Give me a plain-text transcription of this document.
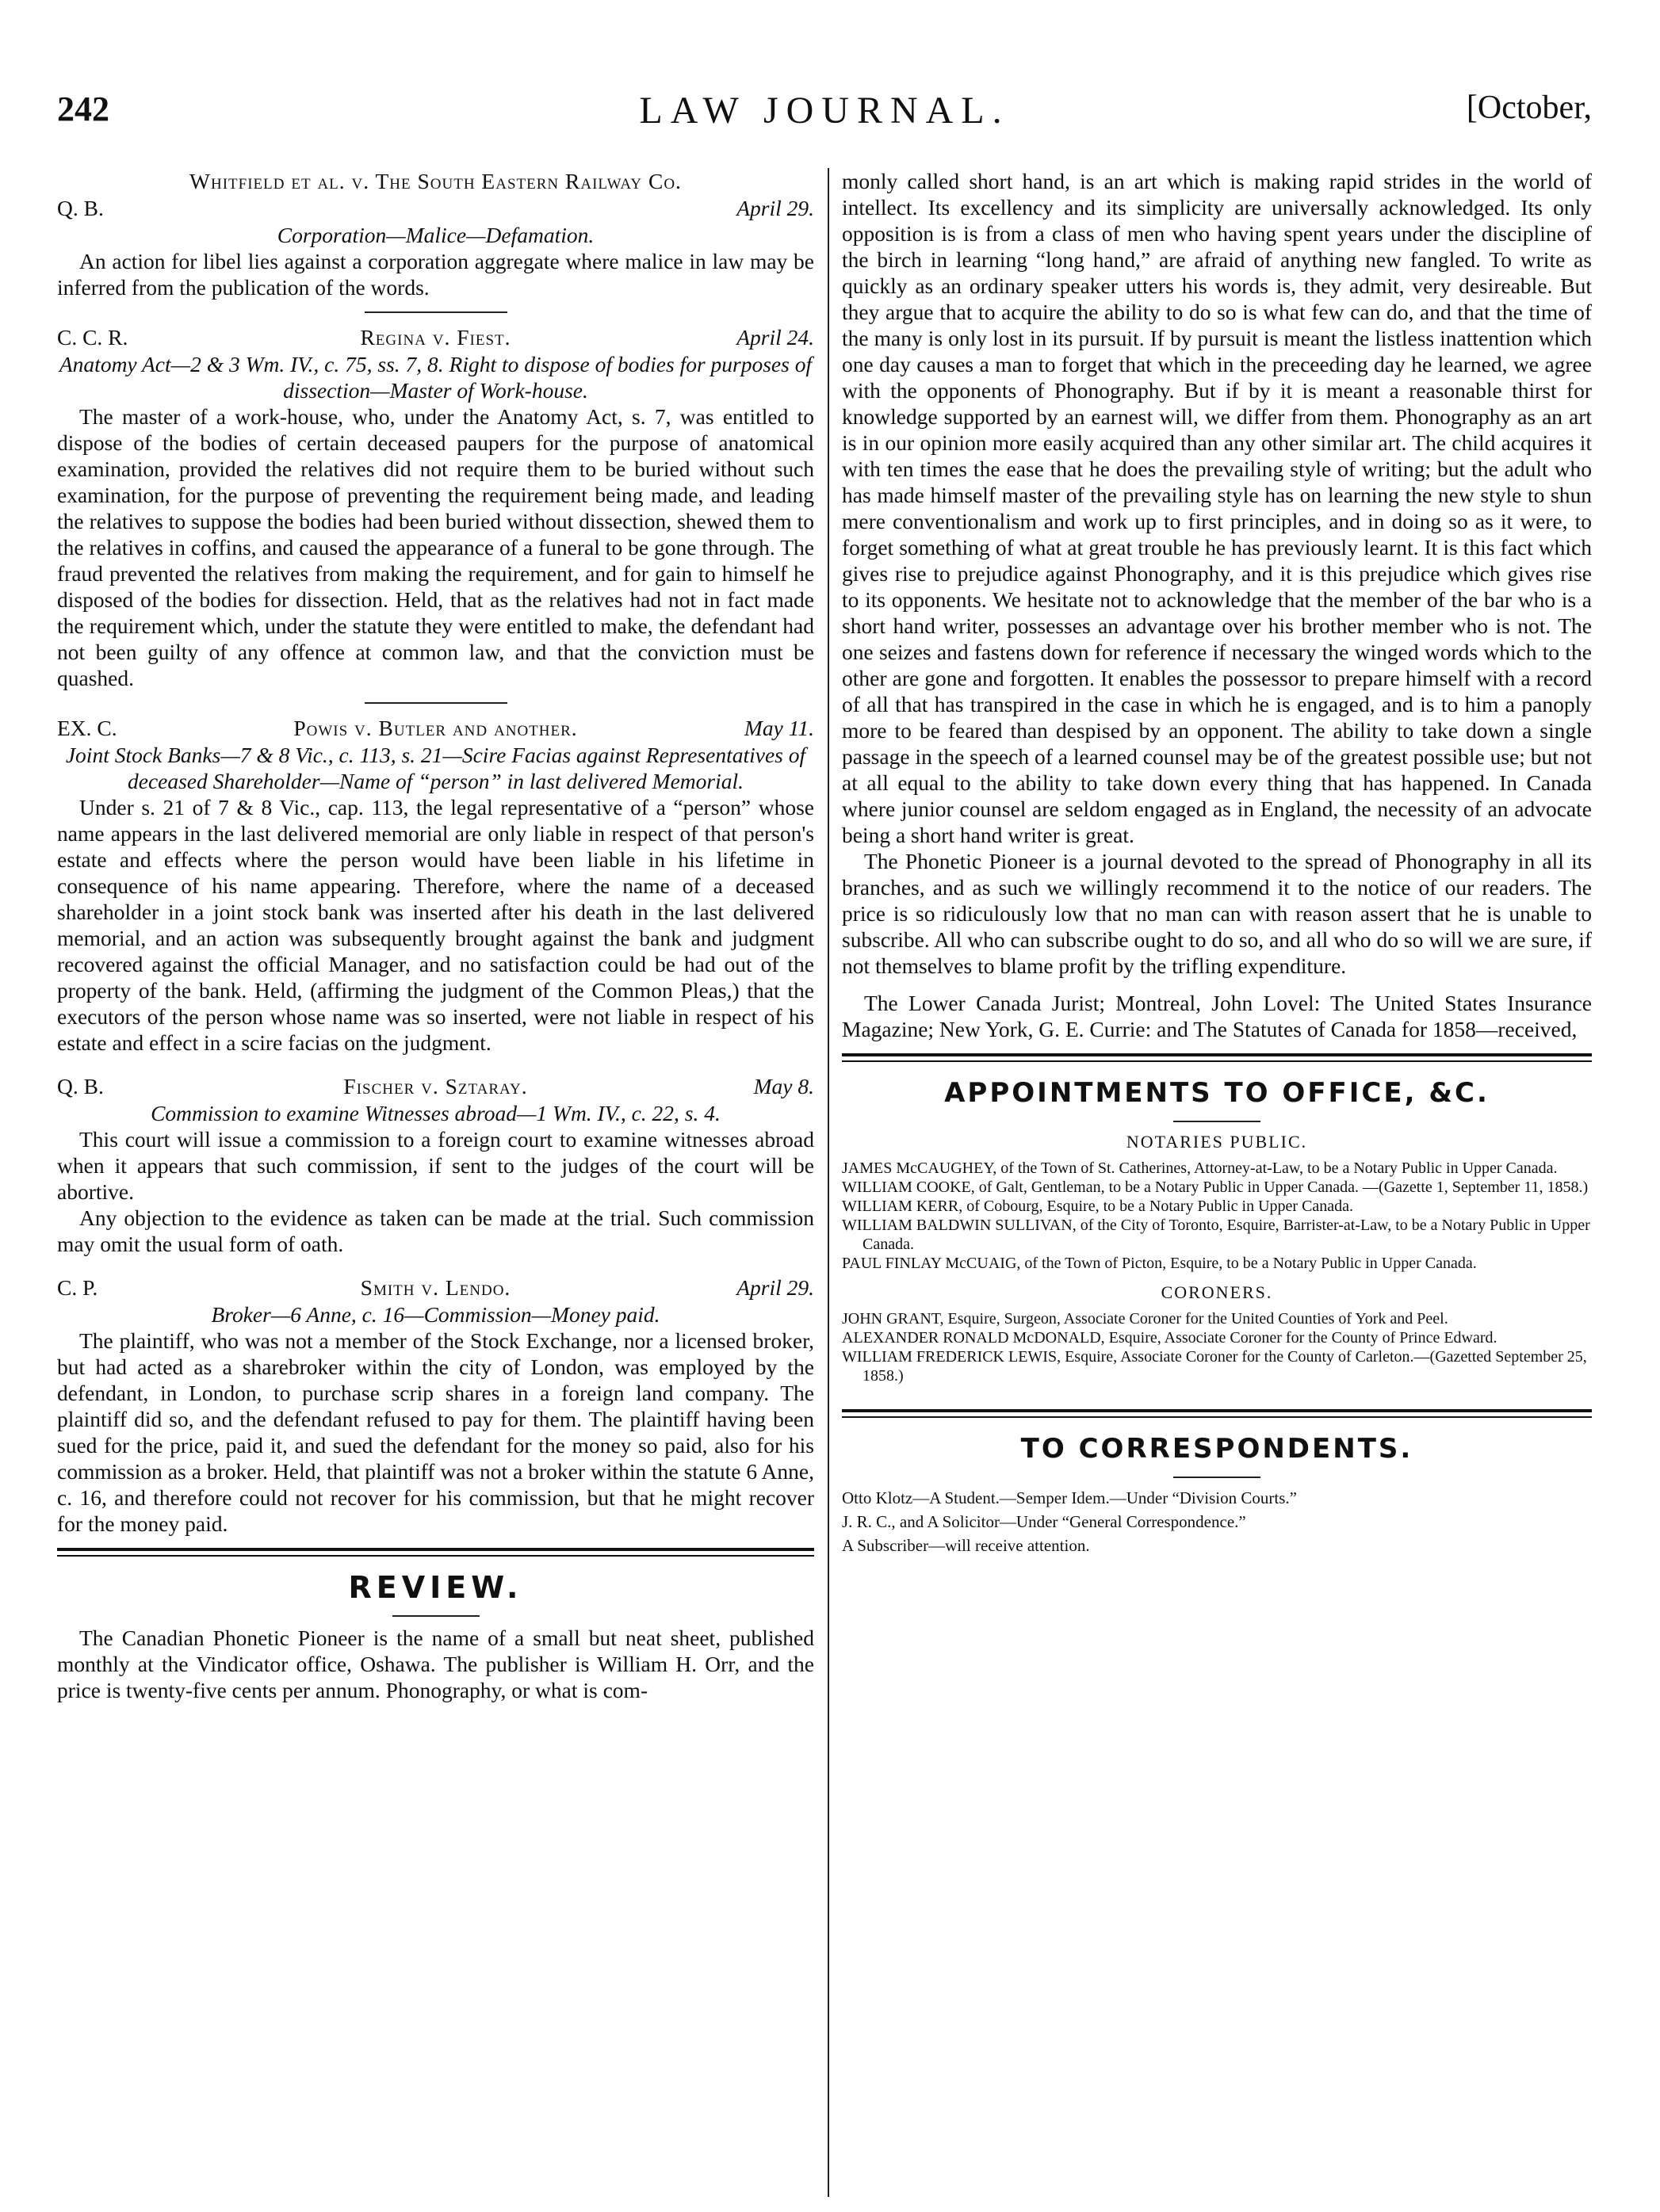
242	LAW JOURNAL.	[October,
Whitfield et al. v. The South Eastern Railway Co.
Q. B.	April 29.
Corporation—Malice—Defamation.

An action for libel lies against a corporation aggregate where malice in law may be inferred from the publication of the words.

C. C. R.	Regina v. Fiest.	April 24.
Anatomy Act—2 & 3 Wm. IV., c. 75, ss. 7, 8. Right to dispose of bodies for purposes of dissection—Master of Work-house.

The master of a work-house, who, under the Anatomy Act, s. 7, was entitled to dispose of the bodies of certain deceased paupers for the purpose of anatomical examination, provided the relatives did not require them to be buried without such examination, for the purpose of preventing the requirement being made, and leading the relatives to suppose the bodies had been buried without dissection, shewed them to the relatives in coffins, and caused the appearance of a funeral to be gone through. The fraud prevented the relatives from making the requirement, and for gain to himself he disposed of the bodies for dissection. Held, that as the relatives had not in fact made the requirement which, under the statute they were entitled to make, the defendant had not been guilty of any offence at common law, and that the conviction must be quashed.

EX. C.	Powis v. Butler and another.	May 11.
Joint Stock Banks—7 & 8 Vic., c. 113, s. 21—Scire Facias against Representatives of deceased Shareholder—Name of “person” in last delivered Memorial.

Under s. 21 of 7 & 8 Vic., cap. 113, the legal representative of a “person” whose name appears in the last delivered memorial are only liable in respect of that person's estate and effects where the person would have been liable in his lifetime in consequence of his name appearing. Therefore, where the name of a deceased shareholder in a joint stock bank was inserted after his death in the last delivered memorial, and an action was subsequently brought against the bank and judgment recovered against the official Manager, and no satisfaction could be had out of the property of the bank. Held, (affirming the judgment of the Common Pleas,) that the executors of the person whose name was so inserted, were not liable in respect of his estate and effect in a scire facias on the judgment.

Q. B.	Fischer v. Sztaray.	May 8.
Commission to examine Witnesses abroad—1 Wm. IV., c. 22, s. 4.

This court will issue a commission to a foreign court to examine witnesses abroad when it appears that such commission, if sent to the judges of the court will be abortive.

Any objection to the evidence as taken can be made at the trial. Such commission may omit the usual form of oath.

C. P.	Smith v. Lendo.	April 29.
Broker—6 Anne, c. 16—Commission—Money paid.

The plaintiff, who was not a member of the Stock Exchange, nor a licensed broker, but had acted as a sharebroker within the city of London, was employed by the defendant, in London, to purchase scrip shares in a foreign land company. The plaintiff did so, and the defendant refused to pay for them. The plaintiff having been sued for the price, paid it, and sued the defendant for the money so paid, also for his commission as a broker. Held, that plaintiff was not a broker within the statute 6 Anne, c. 16, and therefore could not recover for his commission, but that he might recover for the money paid.

REVIEW.

The Canadian Phonetic Pioneer is the name of a small but neat sheet, published monthly at the Vindicator office, Oshawa. The publisher is William H. Orr, and the price is twenty-five cents per annum. Phonography, or what is com-

monly called short hand, is an art which is making rapid strides in the world of intellect. Its excellency and its simplicity are universally acknowledged. Its only opposition is is from a class of men who having spent years under the discipline of the birch in learning “long hand,” are afraid of anything new fangled. To write as quickly as an ordinary speaker utters his words is, they admit, very desireable. But they argue that to acquire the ability to do so is what few can do, and that the time of the many is only lost in its pursuit. If by pursuit is meant the listless inattention which one day causes a man to forget that which in the preceeding day he learned, we agree with the opponents of Phonography. But if by it is meant a reasonable thirst for knowledge supported by an earnest will, we differ from them. Phonography as an art is in our opinion more easily acquired than any other similar art. The child acquires it with ten times the ease that he does the prevailing style of writing; but the adult who has made himself master of the prevailing style has on learning the new style to shun mere conventionalism and work up to first principles, and in doing so as it were, to forget something of what at great trouble he has previously learnt. It is this fact which gives rise to prejudice against Phonography, and it is this prejudice which gives rise to its opponents. We hesitate not to acknowledge that the member of the bar who is a short hand writer, possesses an advantage over his brother member who is not. The one seizes and fastens down for reference if necessary the winged words which to the other are gone and forgotten. It enables the possessor to prepare himself with a record of all that has transpired in the case in which he is engaged, and is to him a panoply more to be feared than despised by an opponent. The ability to take down a single passage in the speech of a learned counsel may be of the greatest possible use; but not at all equal to the ability to take down every thing that has happened. In Canada where junior counsel are seldom engaged as in England, the necessity of an advocate being a short hand writer is great.

The Phonetic Pioneer is a journal devoted to the spread of Phonography in all its branches, and as such we willingly recommend it to the notice of our readers. The price is so ridiculously low that no man can with reason assert that he is unable to subscribe. All who can subscribe ought to do so, and all who do so will we are sure, if not themselves to blame profit by the trifling expenditure.

The Lower Canada Jurist; Montreal, John Lovel: The United States Insurance Magazine; New York, G. E. Currie: and The Statutes of Canada for 1858—received,

APPOINTMENTS TO OFFICE, &C.
NOTARIES PUBLIC.
JAMES McCAUGHEY, of the Town of St. Catherines, Attorney-at-Law, to be a Notary Public in Upper Canada.
WILLIAM COOKE, of Galt, Gentleman, to be a Notary Public in Upper Canada. —(Gazette 1, September 11, 1858.)
WILLIAM KERR, of Cobourg, Esquire, to be a Notary Public in Upper Canada.
WILLIAM BALDWIN SULLIVAN, of the City of Toronto, Esquire, Barrister-at-Law, to be a Notary Public in Upper Canada.
PAUL FINLAY McCUAIG, of the Town of Picton, Esquire, to be a Notary Public in Upper Canada.
CORONERS.
JOHN GRANT, Esquire, Surgeon, Associate Coroner for the United Counties of York and Peel.
ALEXANDER RONALD McDONALD, Esquire, Associate Coroner for the County of Prince Edward.
WILLIAM FREDERICK LEWIS, Esquire, Associate Coroner for the County of Carleton.—(Gazetted September 25, 1858.)
TO CORRESPONDENTS.
Otto Klotz—A Student.—Semper Idem.—Under “Division Courts.”
J. R. C., and A Solicitor—Under “General Correspondence.”
A Subscriber—will receive attention.
